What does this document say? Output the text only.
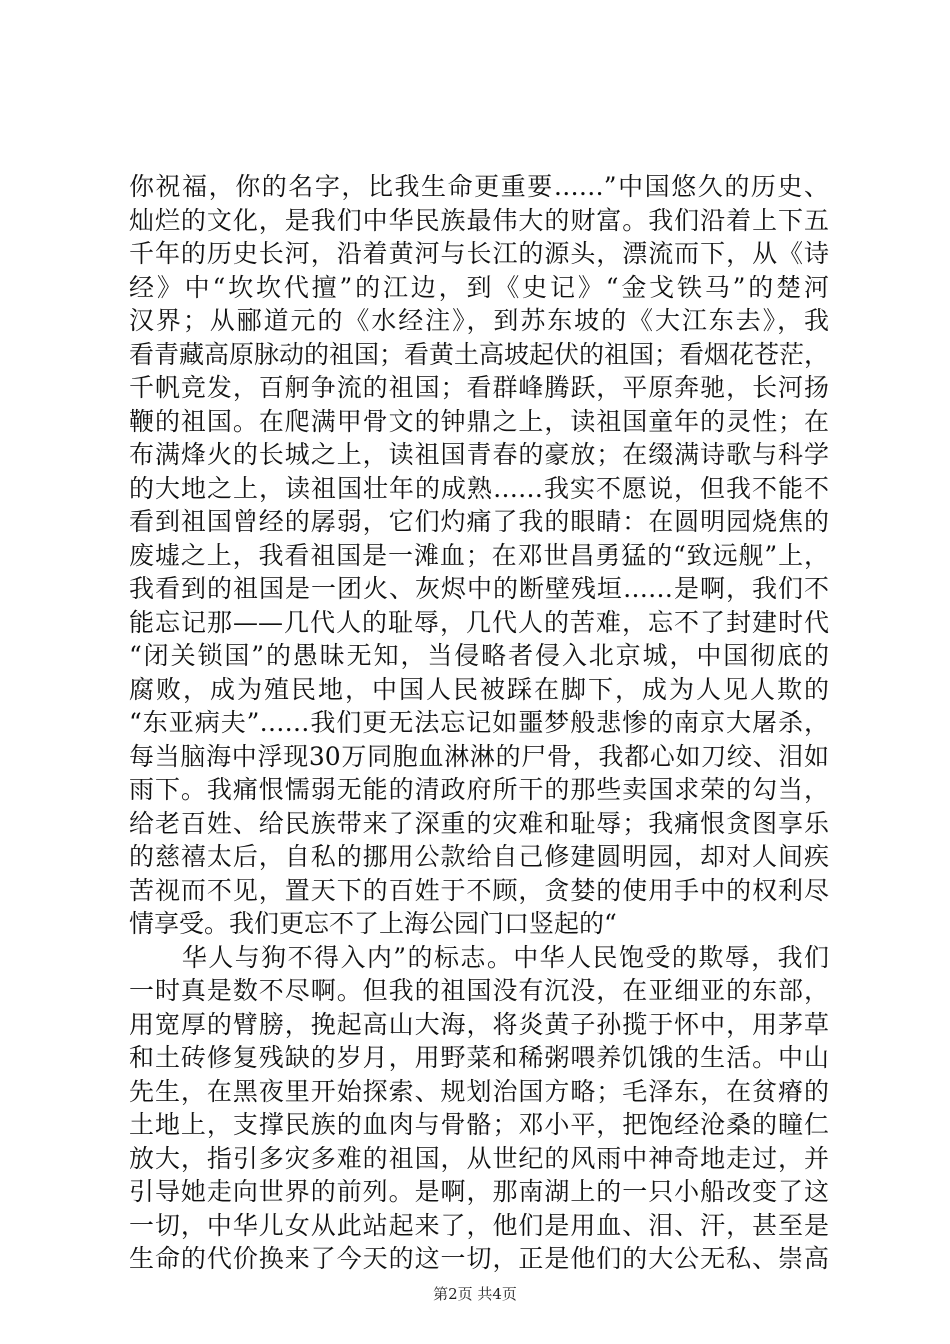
你祝福，你的名字，比我生命更重要……”中国悠久的历史、
灿烂的文化，是我们中华民族最伟大的财富。我们沿着上下五
千年的历史长河，沿着黄河与长江的源头，漂流而下，从《诗
经》中“坎坎代擅”的江边，到《史记》“金戈铁马”的楚河
汉界；从郦道元的《水经注》，到苏东坡的《大江东去》，我
看青藏高原脉动的祖国；看黄土高坡起伏的祖国；看烟花苍茫，
千帆竞发，百舸争流的祖国；看群峰腾跃，平原奔驰，长河扬
鞭的祖国。在爬满甲骨文的钟鼎之上，读祖国童年的灵性；在
布满烽火的长城之上，读祖国青春的豪放；在缀满诗歌与科学
的大地之上，读祖国壮年的成熟……我实不愿说，但我不能不
看到祖国曾经的孱弱，它们灼痛了我的眼睛：在圆明园烧焦的
废墟之上，我看祖国是一滩血；在邓世昌勇猛的“致远舰”上，
我看到的祖国是一团火、灰烬中的断壁残垣……是啊，我们不
能忘记那——几代人的耻辱，几代人的苦难，忘不了封建时代
“闭关锁国”的愚昧无知，当侵略者侵入北京城，中国彻底的
腐败，成为殖民地，中国人民被踩在脚下，成为人见人欺的
“东亚病夫”……我们更无法忘记如噩梦般悲惨的南京大屠杀，
每当脑海中浮现30万同胞血淋淋的尸骨，我都心如刀绞、泪如
雨下。我痛恨懦弱无能的清政府所干的那些卖国求荣的勾当，
给老百姓、给民族带来了深重的灾难和耻辱；我痛恨贪图享乐
的慈禧太后，自私的挪用公款给自己修建圆明园，却对人间疾
苦视而不见，置天下的百姓于不顾，贪婪的使用手中的权利尽
情享受。我们更忘不了上海公园门口竖起的“
　　华人与狗不得入内”的标志。中华人民饱受的欺辱，我们
一时真是数不尽啊。但我的祖国没有沉没，在亚细亚的东部，
用宽厚的臂膀，挽起高山大海，将炎黄子孙揽于怀中，用茅草
和土砖修复残缺的岁月，用野菜和稀粥喂养饥饿的生活。中山
先生，在黑夜里开始探索、规划治国方略；毛泽东，在贫瘠的
土地上，支撑民族的血肉与骨骼；邓小平，把饱经沧桑的瞳仁
放大，指引多灾多难的祖国，从世纪的风雨中神奇地走过，并
引导她走向世界的前列。是啊，那南湖上的一只小船改变了这
一切，中华儿女从此站起来了，他们是用血、泪、汗，甚至是
生命的代价换来了今天的这一切，正是他们的大公无私、崇高
第2页 共4页
